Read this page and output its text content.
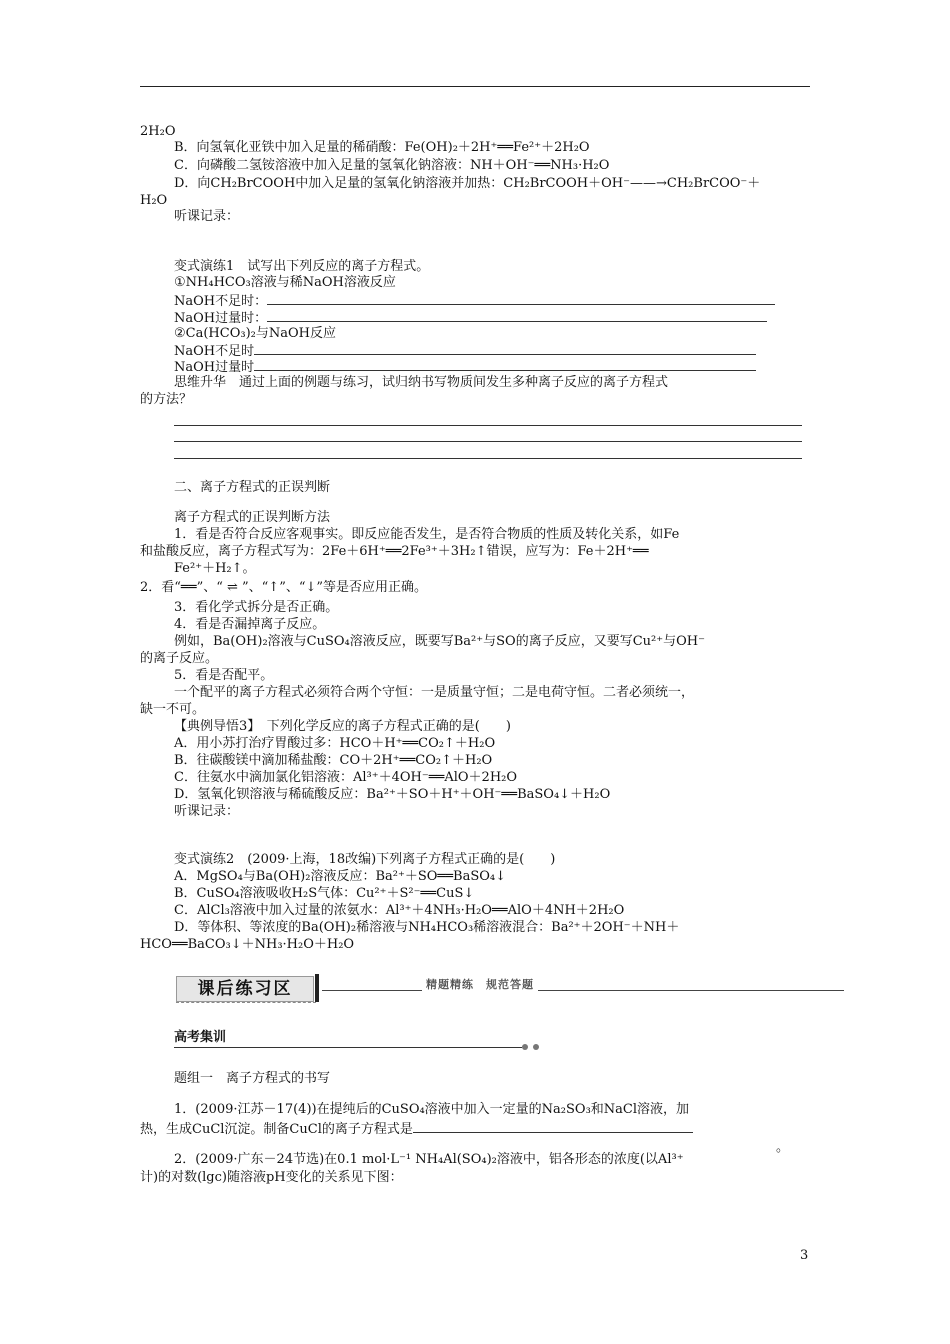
2H₂O
B．向氢氧化亚铁中加入足量的稀硝酸：Fe(OH)₂＋2H⁺══Fe²⁺＋2H₂O
C．向磷酸二氢铵溶液中加入足量的氢氧化钠溶液：NH＋OH⁻══NH₃·H₂O
D．向CH₂BrCOOH中加入足量的氢氧化钠溶液并加热：CH₂BrCOOH＋OH⁻——→CH₂BrCOO⁻＋
H₂O
听课记录：
变式演练1　试写出下列反应的离子方程式。
①NH₄HCO₃溶液与稀NaOH溶液反应
NaOH不足时：
NaOH过量时：
②Ca(HCO₃)₂与NaOH反应
NaOH不足时
NaOH过量时
思维升华　通过上面的例题与练习，试归纳书写物质间发生多种离子反应的离子方程式
的方法？
二、离子方程式的正误判断
离子方程式的正误判断方法
1．看是否符合反应客观事实。即反应能否发生，是否符合物质的性质及转化关系，如Fe
和盐酸反应，离子方程式写为：2Fe＋6H⁺══2Fe³⁺＋3H₂↑错误，应写为：Fe＋2H⁺══
Fe²⁺＋H₂↑。
2．看“══”、“ ⇌ ”、“↑”、“↓”等是否应用正确。
3．看化学式拆分是否正确。
4．看是否漏掉离子反应。
例如，Ba(OH)₂溶液与CuSO₄溶液反应，既要写Ba²⁺与SO的离子反应，又要写Cu²⁺与OH⁻
的离子反应。
5．看是否配平。
一个配平的离子方程式必须符合两个守恒：一是质量守恒；二是电荷守恒。二者必须统一，
缺一不可。
【典例导悟3】　下列化学反应的离子方程式正确的是(　　)
A．用小苏打治疗胃酸过多：HCO＋H⁺══CO₂↑＋H₂O
B．往碳酸镁中滴加稀盐酸：CO＋2H⁺══CO₂↑＋H₂O
C．往氨水中滴加氯化铝溶液：Al³⁺＋4OH⁻══AlO＋2H₂O
D．氢氧化钡溶液与稀硫酸反应：Ba²⁺＋SO＋H⁺＋OH⁻══BaSO₄↓＋H₂O
听课记录：
变式演练2　(2009·上海，18改编)下列离子方程式正确的是(　　)
A．MgSO₄与Ba(OH)₂溶液反应：Ba²⁺＋SO══BaSO₄↓
B．CuSO₄溶液吸收H₂S气体：Cu²⁺＋S²⁻══CuS↓
C．AlCl₃溶液中加入过量的浓氨水：Al³⁺＋4NH₃·H₂O══AlO＋4NH＋2H₂O
D．等体积、等浓度的Ba(OH)₂稀溶液与NH₄HCO₃稀溶液混合：Ba²⁺＋2OH⁻＋NH＋
HCO══BaCO₃↓＋NH₃·H₂O＋H₂O
课后练习区	精题精练　规范答题
高考集训
题组一　离子方程式的书写
1．(2009·江苏－17(4))在提纯后的CuSO₄溶液中加入一定量的Na₂SO₃和NaCl溶液，加
热，生成CuCl沉淀。制备CuCl的离子方程式是
。
2．(2009·广东－24节选)在0.1 mol·L⁻¹ NH₄Al(SO₄)₂溶液中，铝各形态的浓度(以Al³⁺
计)的对数(lgc)随溶液pH变化的关系见下图：
3
